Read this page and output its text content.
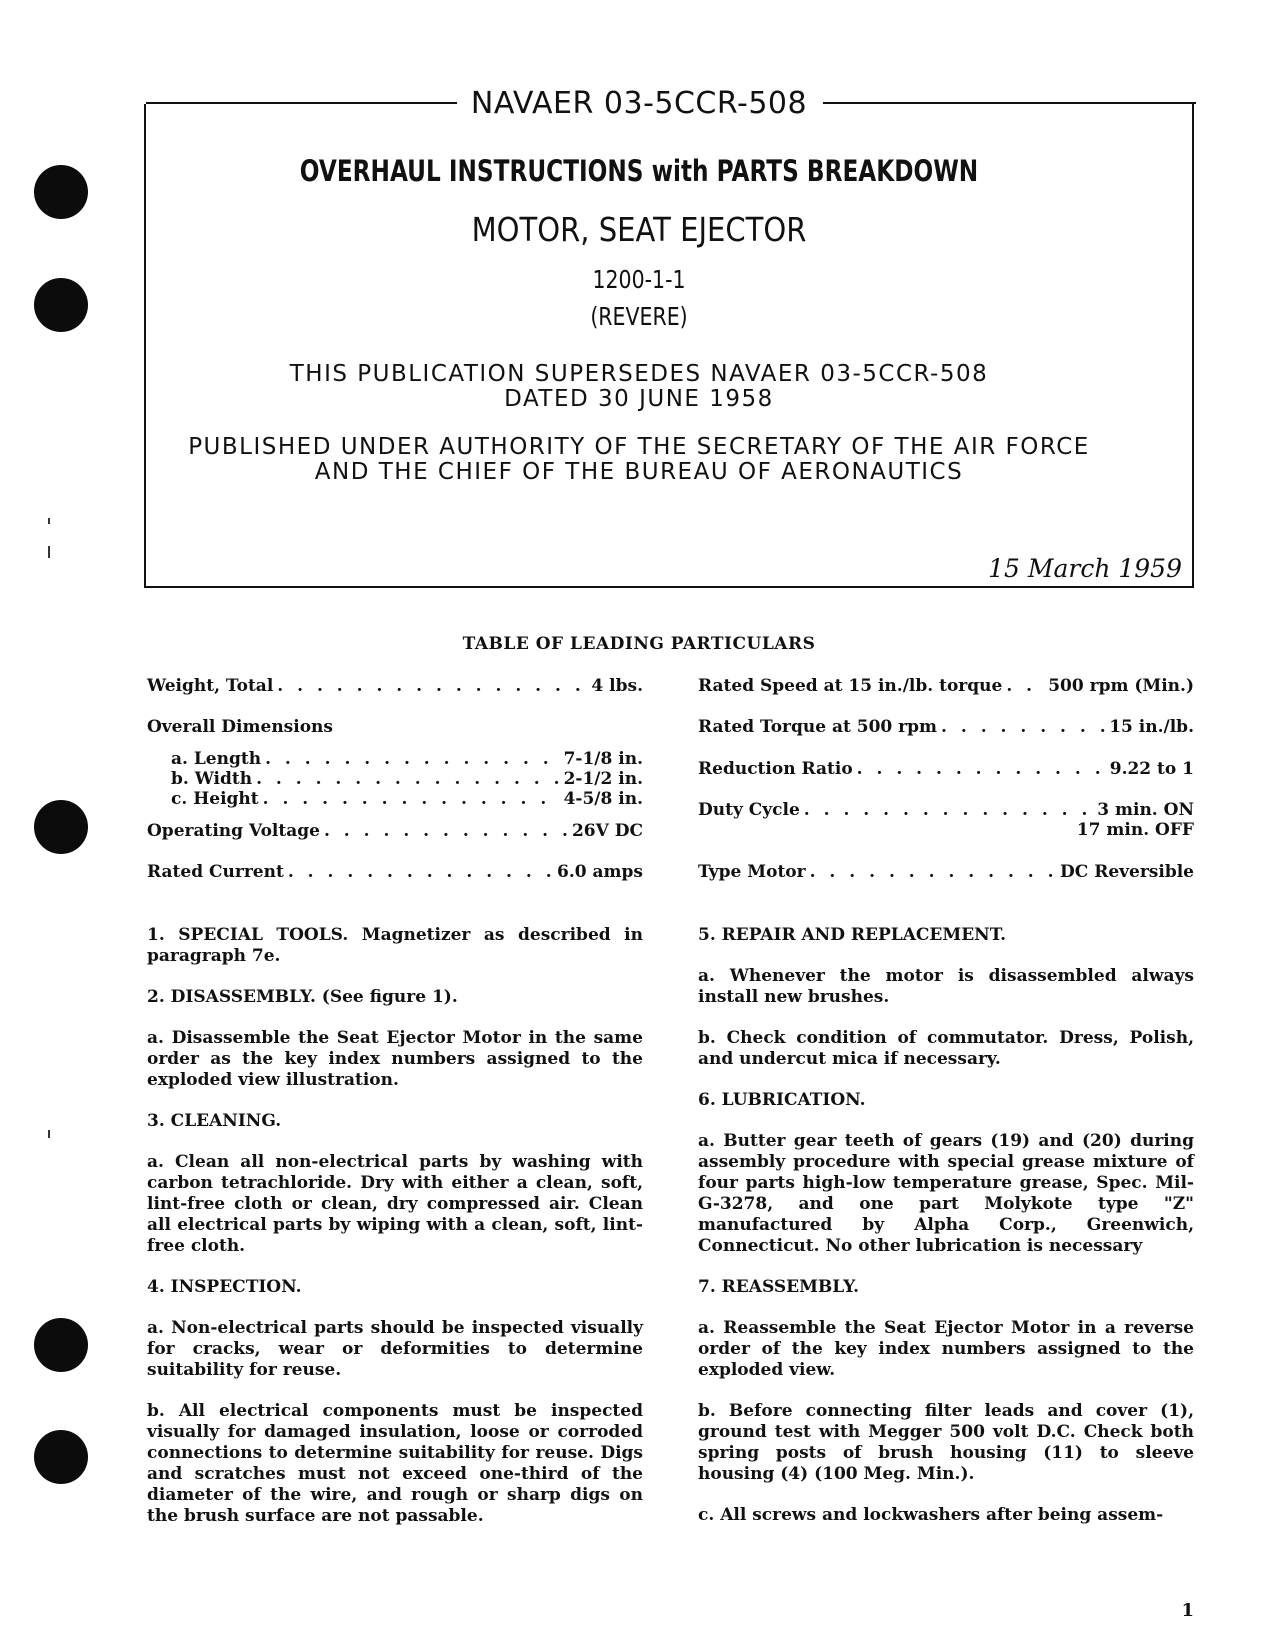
NAVAER 03-5CCR-508
OVERHAUL INSTRUCTIONS with PARTS BREAKDOWN
MOTOR, SEAT EJECTOR
1200-1-1
(REVERE)
THIS PUBLICATION SUPERSEDES NAVAER 03-5CCR-508
DATED 30 JUNE 1958
PUBLISHED UNDER AUTHORITY OF THE SECRETARY OF THE AIR FORCE
AND THE CHIEF OF THE BUREAU OF AERONAUTICS
15 March 1959
TABLE OF LEADING PARTICULARS
Weight, Total . . .	4 lbs.
Overall Dimensions
a. Length . . .	7-1/8 in.
b. Width . . .	2-1/2 in.
c. Height . . .	4-5/8 in.
Operating Voltage . . .	26V DC
Rated Current . . .	6.0 amps
Rated Speed at 15 in./lb. torque . . .	500 rpm (Min.)
Rated Torque at 500 rpm . . .	15 in./lb.
Reduction Ratio . . .	9.22 to 1
Duty Cycle . . .	3 min. ON
17 min. OFF
Type Motor . . .	DC Reversible

1. SPECIAL TOOLS. Magnetizer as described in paragraph 7e.

2. DISASSEMBLY. (See figure 1).

a. Disassemble the Seat Ejector Motor in the same order as the key index numbers assigned to the exploded view illustration.

3. CLEANING.

a. Clean all non-electrical parts by washing with carbon tetrachloride. Dry with either a clean, soft, lint-free cloth or clean, dry compressed air. Clean all electrical parts by wiping with a clean, soft, lint-free cloth.

4. INSPECTION.

a. Non-electrical parts should be inspected visually for cracks, wear or deformities to determine suitability for reuse.

b. All electrical components must be inspected visually for damaged insulation, loose or corroded connections to determine suitability for reuse. Digs and scratches must not exceed one-third of the diameter of the wire, and rough or sharp digs on the brush surface are not passable.

5. REPAIR AND REPLACEMENT.

a. Whenever the motor is disassembled always install new brushes.

b. Check condition of commutator. Dress, Polish, and undercut mica if necessary.

6. LUBRICATION.

a. Butter gear teeth of gears (19) and (20) during assembly procedure with special grease mixture of four parts high-low temperature grease, Spec. Mil-G-3278, and one part Molykote type "Z" manufactured by Alpha Corp., Greenwich, Connecticut. No other lubrication is necessary

7. REASSEMBLY.

a. Reassemble the Seat Ejector Motor in a reverse order of the key index numbers assigned to the exploded view.

b. Before connecting filter leads and cover (1), ground test with Megger 500 volt D.C. Check both spring posts of brush housing (11) to sleeve housing (4) (100 Meg. Min.).

c. All screws and lockwashers after being assem-

1
